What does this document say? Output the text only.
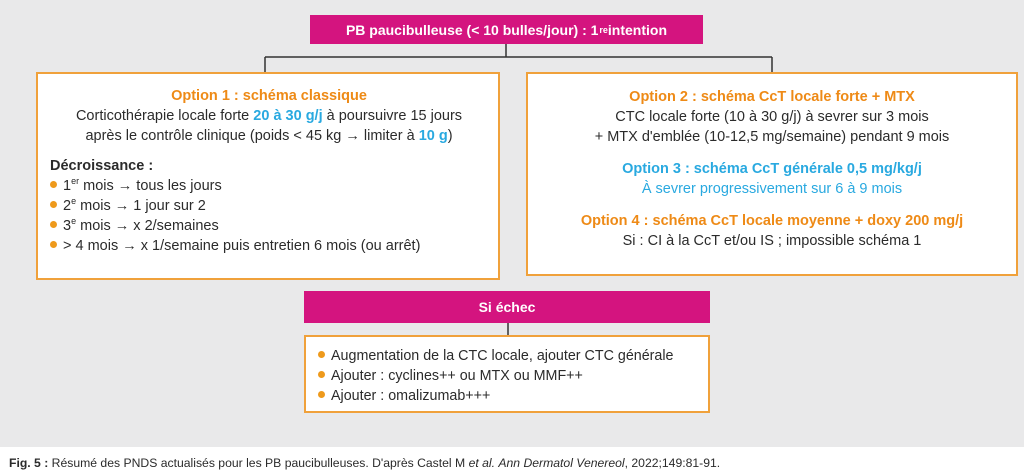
PB paucibulleuse (< 10 bulles/jour) : 1 re intention
Option 1 : schéma classique
Corticothérapie locale forte 20 à 30 g/j à poursuivre 15 jours
après le contrôle clinique (poids < 45 kg → limiter à 10 g)
Décroissance :
1er mois → tous les jours
2e mois → 1 jour sur 2
3e mois → x 2/semaines
> 4 mois → x 1/semaine puis entretien 6 mois (ou arrêt)
Option 2 : schéma CcT locale forte + MTX
CTC locale forte (10 à 30 g/j) à sevrer sur 3 mois
+ MTX d'emblée (10-12,5 mg/semaine) pendant 9 mois
Option 3 : schéma CcT générale 0,5 mg/kg/j
À sevrer progressivement sur 6 à 9 mois
Option 4 : schéma CcT locale moyenne + doxy 200 mg/j
Si : CI à la CcT et/ou IS ; impossible schéma 1
Si échec
Augmentation de la CTC locale, ajouter CTC générale
Ajouter : cyclines++ ou MTX ou MMF++
Ajouter : omalizumab+++
Fig. 5 : Résumé des PNDS actualisés pour les PB paucibulleuses. D'après Castel M et al. Ann Dermatol Venereol, 2022;149:81-91.
